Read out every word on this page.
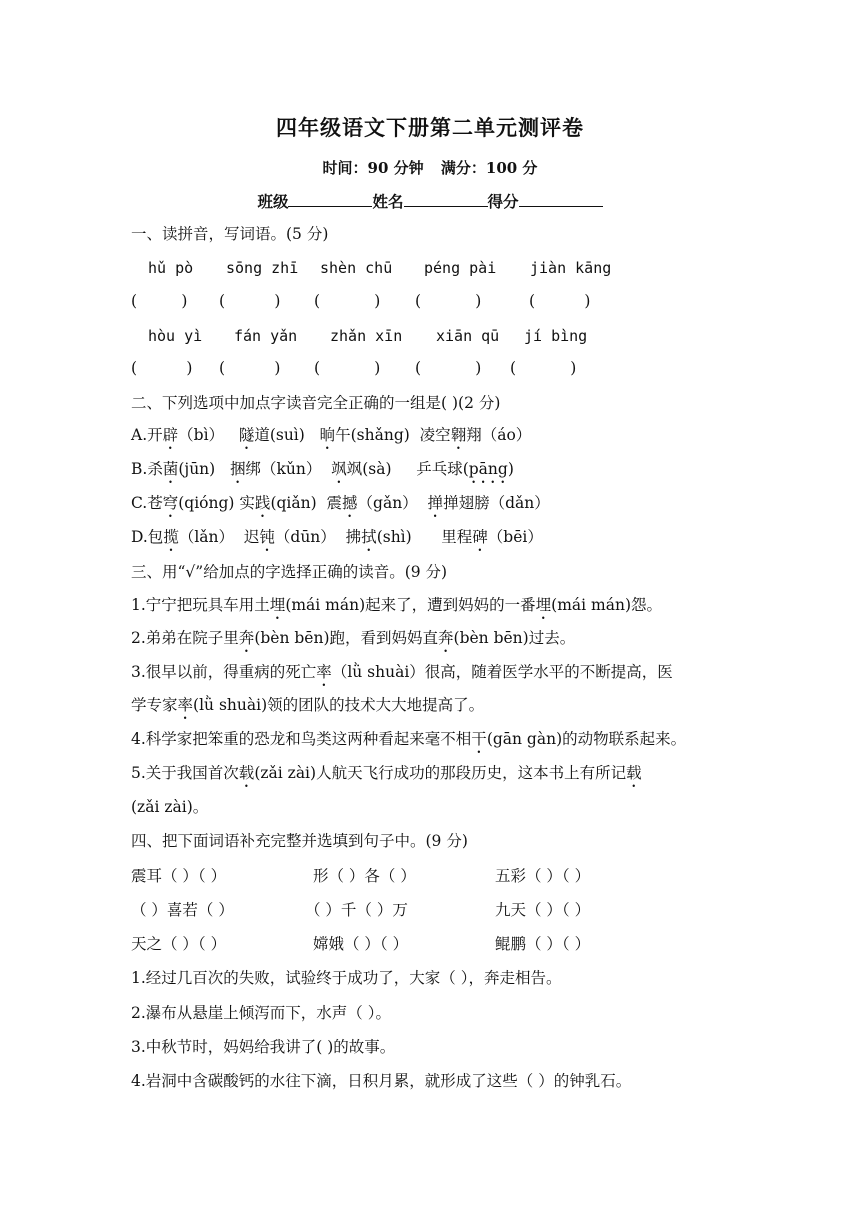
四年级语文下册第二单元测评卷
时间：90 分钟 满分：100 分
班级	姓名	得分
一、读拼音，写词语。(5 分)
hǔ pò sōng zhī shèn chū péng pài jiàn kāng
(         ) (          ) (           ) (           )	(          )
hòu yì fán yǎn zhǎn xīn xiān qū jí bìng
(          ) (          ) (           ) (           ) (           )
二、下列选项中加点字读音完全正确的一组是( )(2 分)
A.开辟（bì） 隧道(suì) 晌午(shǎng) 凌空翱翔（áo）
B.杀菌(jūn) 捆绑（kǔn） 飒飒(sà) 乒乓球(pāng)
C.苍穹(qióng) 实践(qiǎn) 震撼（gǎn） 掸掸翅膀（dǎn）
D.包揽（lǎn） 迟钝（dūn） 拂拭(shì) 里程碑（bēi）
三、用“√”给加点的字选择正确的读音。(9 分)
1.宁宁把玩具车用土埋(mái mán)起来了，遭到妈妈的一番埋(mái mán)怨。
2.弟弟在院子里奔(bèn bēn)跑，看到妈妈直奔(bèn bēn)过去。
3.很早以前，得重病的死亡率（lǜ shuài）很高，随着医学水平的不断提高，医
学专家率(lǜ shuài)领的团队的技术大大地提高了。
4.科学家把笨重的恐龙和鸟类这两种看起来毫不相干(gān gàn)的动物联系起来。
5.关于我国首次载(zǎi zài)人航天飞行成功的那段历史，这本书上有所记载
(zǎi zài)。
四、把下面词语补充完整并选填到句子中。(9 分)
震耳（ ）（ ）	形（ ）各（ ）	五彩（ ）（ ）
（ ）喜若（ ）	（ ）千（ ）万	九天（ ）（ ）
天之（ ）（ ）	嫦娥（ ）（ ）	鲲鹏（ ）（ ）
1.经过几百次的失败，试验终于成功了，大家（ ），奔走相告。
2.瀑布从悬崖上倾泻而下，水声（ ）。
3.中秋节时，妈妈给我讲了( )的故事。
4.岩洞中含碳酸钙的水往下滴，日积月累，就形成了这些（ ）的钟乳石。
